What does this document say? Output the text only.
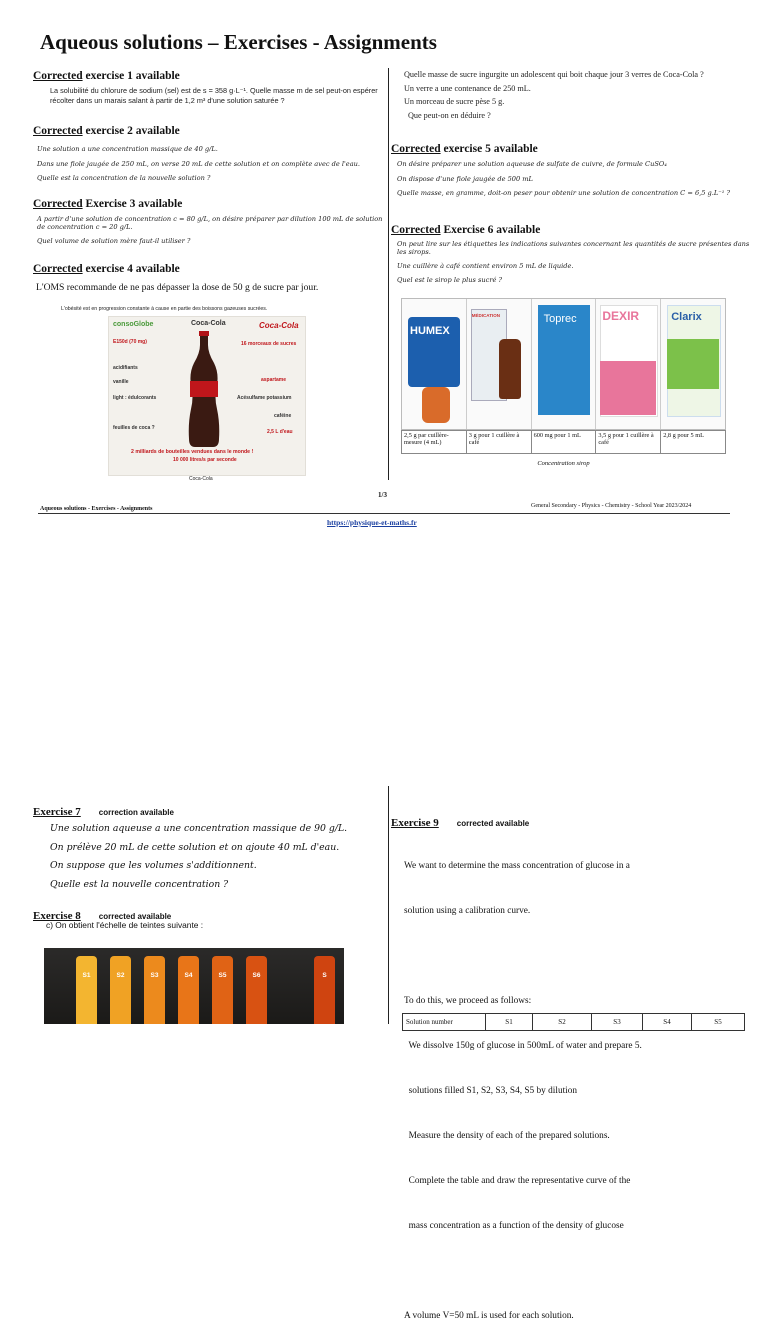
Aqueous solutions – Exercises - Assignments
Corrected exercise 1 available
La solubilité du chlorure de sodium (sel) est de s = 358 g·L⁻¹. Quelle masse m de sel peut-on espérer récolter dans un marais salant à partir de 1,2 m³ d'une solution saturée ?
Corrected exercise 2 available
Une solution a une concentration massique de 40 g/L.
Dans une fiole jaugée de 250 mL, on verse 20 mL de cette solution et on complète avec de l'eau.
Quelle est la concentration de la nouvelle solution ?
Corrected Exercise 3 available
A partir d'une solution de concentration c = 80 g/L, on désire préparer par dilution 100 mL de solution de concentration c = 20 g/L.
Quel volume de solution mère faut-il utiliser ?
Corrected exercise 4 available
L'OMS recommande de ne pas dépasser la dose de 50 g de sucre par jour.
L'obésité est en progression constante à cause en partie des boissons gazeuses sucrées.
consoGlobe	Coca-Cola	Coca-Cola
E150d (70 mg)
acidifiants
vanille
light : édulcorants
feuilles de coca ?
16 morceaux de sucres
aspartame
Acésulfame potassium
caféine
2,5 L d'eau
2 milliards de bouteilles vendues dans le monde !
10 000 litres/s par seconde
Coca-Cola
Quelle masse de sucre ingurgite un adolescent qui boit chaque jour 3 verres de Coca-Cola ?
Un verre a une contenance de 250 mL.
Un morceau de sucre pèse 5 g.
Que peut-on en déduire ?
Corrected exercise 5 available
On désire préparer une solution aqueuse de sulfate de cuivre, de formule CuSO₄
On dispose d'une fiole jaugée de 500 mL
Quelle masse, en gramme, doit-on peser pour obtenir une solution de concentration C = 6,5 g.L⁻¹ ?
Corrected Exercise 6 available
On peut lire sur les étiquettes les indications suivantes concernant les quantités de sucre présentes dans les sirops.
Une cuillère à café contient environ 5 mL de liquide.
Quel est le sirop le plus sucré ?
HUMEX
MÉDICATION	Toprec DEXIR	Clarix
2,5 g par cuillère-mesure (4 mL)	3 g pour 1 cuillère à café	600 mg pour 1 mL	3,5 g pour 1 cuillère à café	2,8 g pour 5 mL
Concentration sirop
1/3
Aqueous solutions - Exercises - Assignments	General Secondary - Physics - Chemistry - School Year 2023/2024
https://physique-et-maths.fr
Exercise 7 correction available
Une solution aqueuse a une concentration massique de 90 g/L.
On prélève 20 mL de cette solution et on ajoute 40 mL d'eau.
On suppose que les volumes s'additionnent.
Quelle est la nouvelle concentration ?
Exercise 8 corrected available
c) On obtient l'échelle de teintes suivante :
S1	S2	S3	S4	S5	S6	S
Exercise 9 corrected available

We want to determine the mass concentration of glucose in a

solution using a calibration curve.

To do this, we proceed as follows:

We dissolve 150g of glucose in 500mL of water and prepare 5.

solutions filled S1, S2, S3, S4, S5 by dilution

Measure the density of each of the prepared solutions.

Complete the table and draw the representative curve of the

mass concentration as a function of the density of glucose

A volume V=50 mL is used for each solution.

Solution number	S1	S2	S3	S4	S5
